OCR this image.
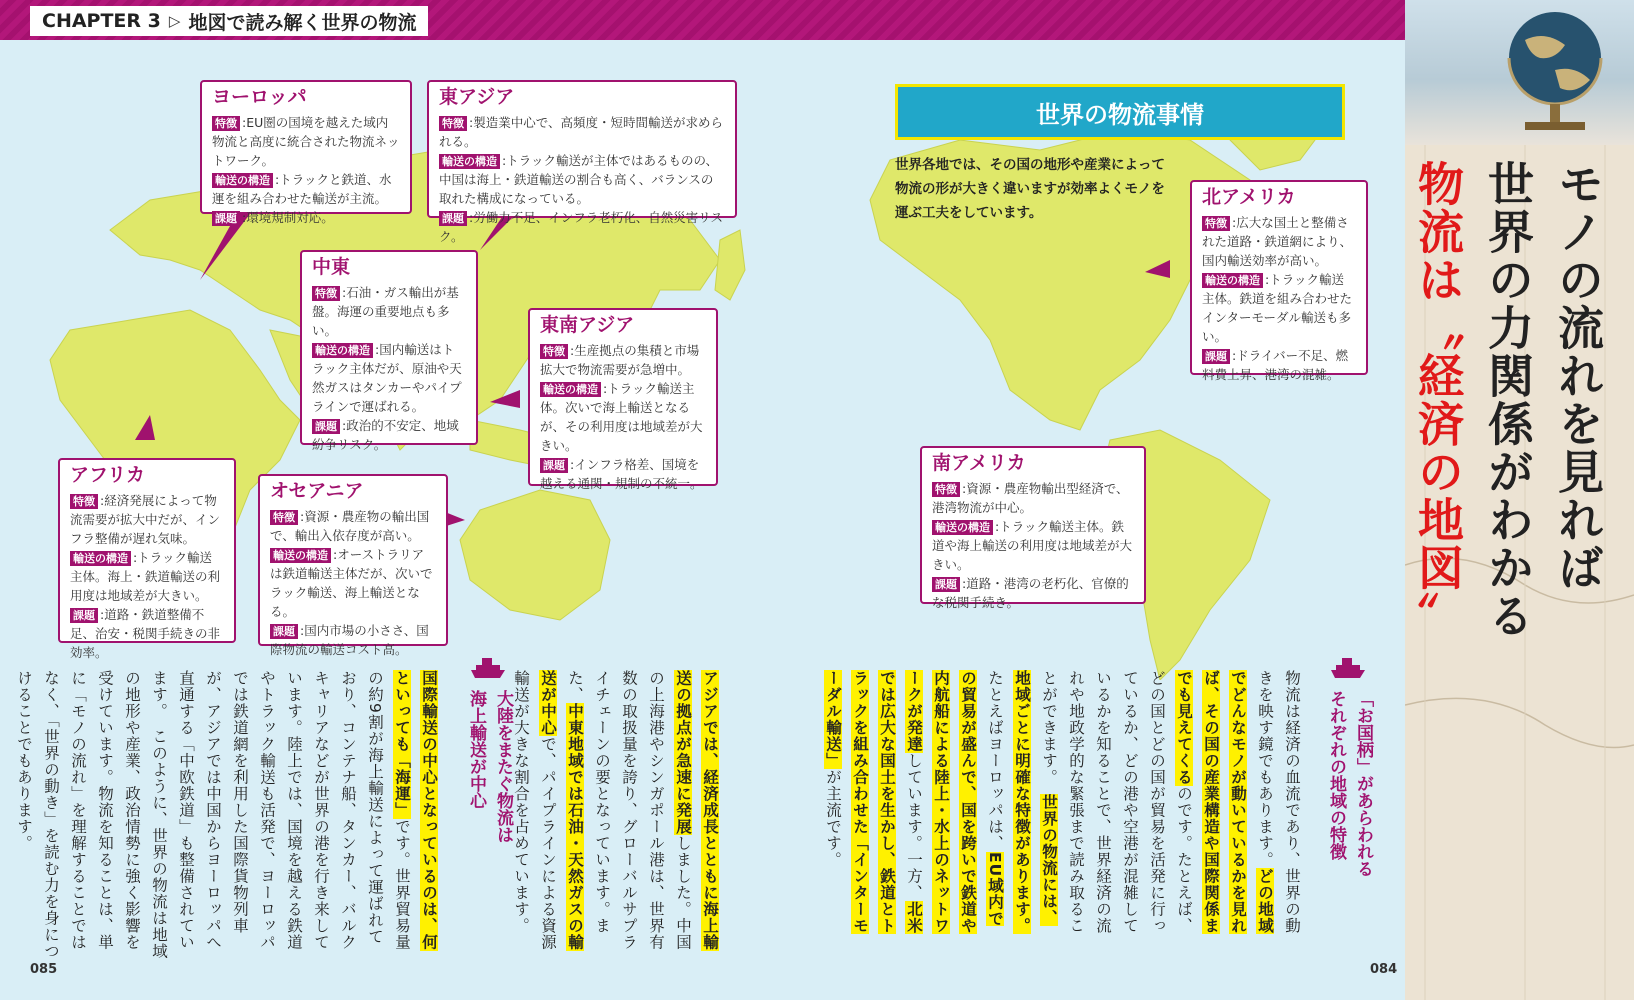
CHAPTER 3 ▷ 地図で読み解く世界の物流
ヨーロッパ
特徴 :EU圏の国境を越えた域内物流と高度に統合された物流ネットワーク。
輸送の構造 :トラックと鉄道、水運を組み合わせた輸送が主流。
課題 :環境規制対応。
東アジア
特徴 :製造業中心で、高頻度・短時間輸送が求められる。
輸送の構造 :トラック輸送が主体ではあるものの、中国は海上・鉄道輸送の割合も高く、バランスの取れた構成になっている。
課題 :労働力不足、インフラ老朽化、自然災害リスク。
中東
特徴 :石油・ガス輸出が基盤。海運の重要地点も多い。
輸送の構造 :国内輸送はトラック主体だが、原油や天然ガスはタンカーやパイプラインで運ばれる。
課題 :政治的不安定、地域紛争リスク。
東南アジア
特徴 :生産拠点の集積と市場拡大で物流需要が急増中。
輸送の構造 :トラック輸送主体。次いで海上輸送となるが、その利用度は地域差が大きい。
課題 :インフラ格差、国境を越える通関・規制の不統一。
アフリカ
特徴 :経済発展によって物流需要が拡大中だが、インフラ整備が遅れ気味。
輸送の構造 :トラック輸送主体。海上・鉄道輸送の利用度は地域差が大きい。
課題 :道路・鉄道整備不足、治安・税関手続きの非効率。
オセアニア
特徴 :資源・農産物の輸出国で、輸出入依存度が高い。
輸送の構造 :オーストラリアは鉄道輸送主体だが、次いでラック輸送、海上輸送となる。
課題 :国内市場の小ささ、国際物流の輸送コスト高。
北アメリカ
特徴 :広大な国土と整備された道路・鉄道網により、国内輸送効率が高い。
輸送の構造 :トラック輸送主体。鉄道を組み合わせたインターモーダル輸送も多い。
課題 :ドライバー不足、燃料費上昇、港湾の混雑。
南アメリカ
特徴 :資源・農産物輸出型経済で、港湾物流が中心。
輸送の構造 :トラック輸送主体。鉄道や海上輸送の利用度は地域差が大きい。
課題 :道路・港湾の老朽化、官僚的な税関手続き。
世界の物流事情
世界各地では、その国の地形や産業によって物流の形が大きく違いますが効率よくモノを運ぶ工夫をしています。
大陸をまたぐ物流は
海上輸送が中心
国際輸送の中心となっているのは、何といっても「海運」です。世界貿易量の約9割が海上輸送によって運ばれており、コンテナ船、タンカー、バルクキャリアなどが世界の港を行き来しています。陸上では、国境を越える鉄道やトラック輸送も活発で、ヨーロッパでは鉄道網を利用した国際貨物列車が、アジアでは中国からヨーロッパへ直通する「中欧鉄道」も整備されています。　このように、世界の物流は地域の地形や産業、政治情勢に強く影響を受けています。物流を知ることは、単に「モノの流れ」を理解することではなく、「世界の動き」を読む力を身につけることでもあります。	アジアでは、経済成長とともに海上輸送の拠点が急速に発展しました。中国の上海港やシンガポール港は、世界有数の取扱量を誇り、グローバルサプライチェーンの要となっています。また、中東地域では石油・天然ガスの輸送が中心で、パイプラインによる資源輸送が大きな割合を占めています。	「お国柄」があらわれる
それぞれの地域の特徴
物流は経済の血流であり、世界の動きを映す鏡でもあります。どの地域でどんなモノが動いているかを見れば、その国の産業構造や国際関係までも見えてくるのです。たとえば、どの国とどの国が貿易を活発に行っているか、どの港や空港が混雑しているかを知ることで、世界経済の流れや地政学的な緊張まで読み取ることができます。　世界の物流には、地域ごとに明確な特徴があります。たとえばヨーロッパは、EU域内での貿易が盛んで、国を跨いで鉄道や内航船による陸上・水上のネットワークが発達しています。一方、北米では広大な国土を生かし、鉄道とトラックを組み合わせた「インターモーダル輸送」が主流です。
085	084
物流は〝経済の地図〟 世界の力関係がわかる モノの流れを見れば
